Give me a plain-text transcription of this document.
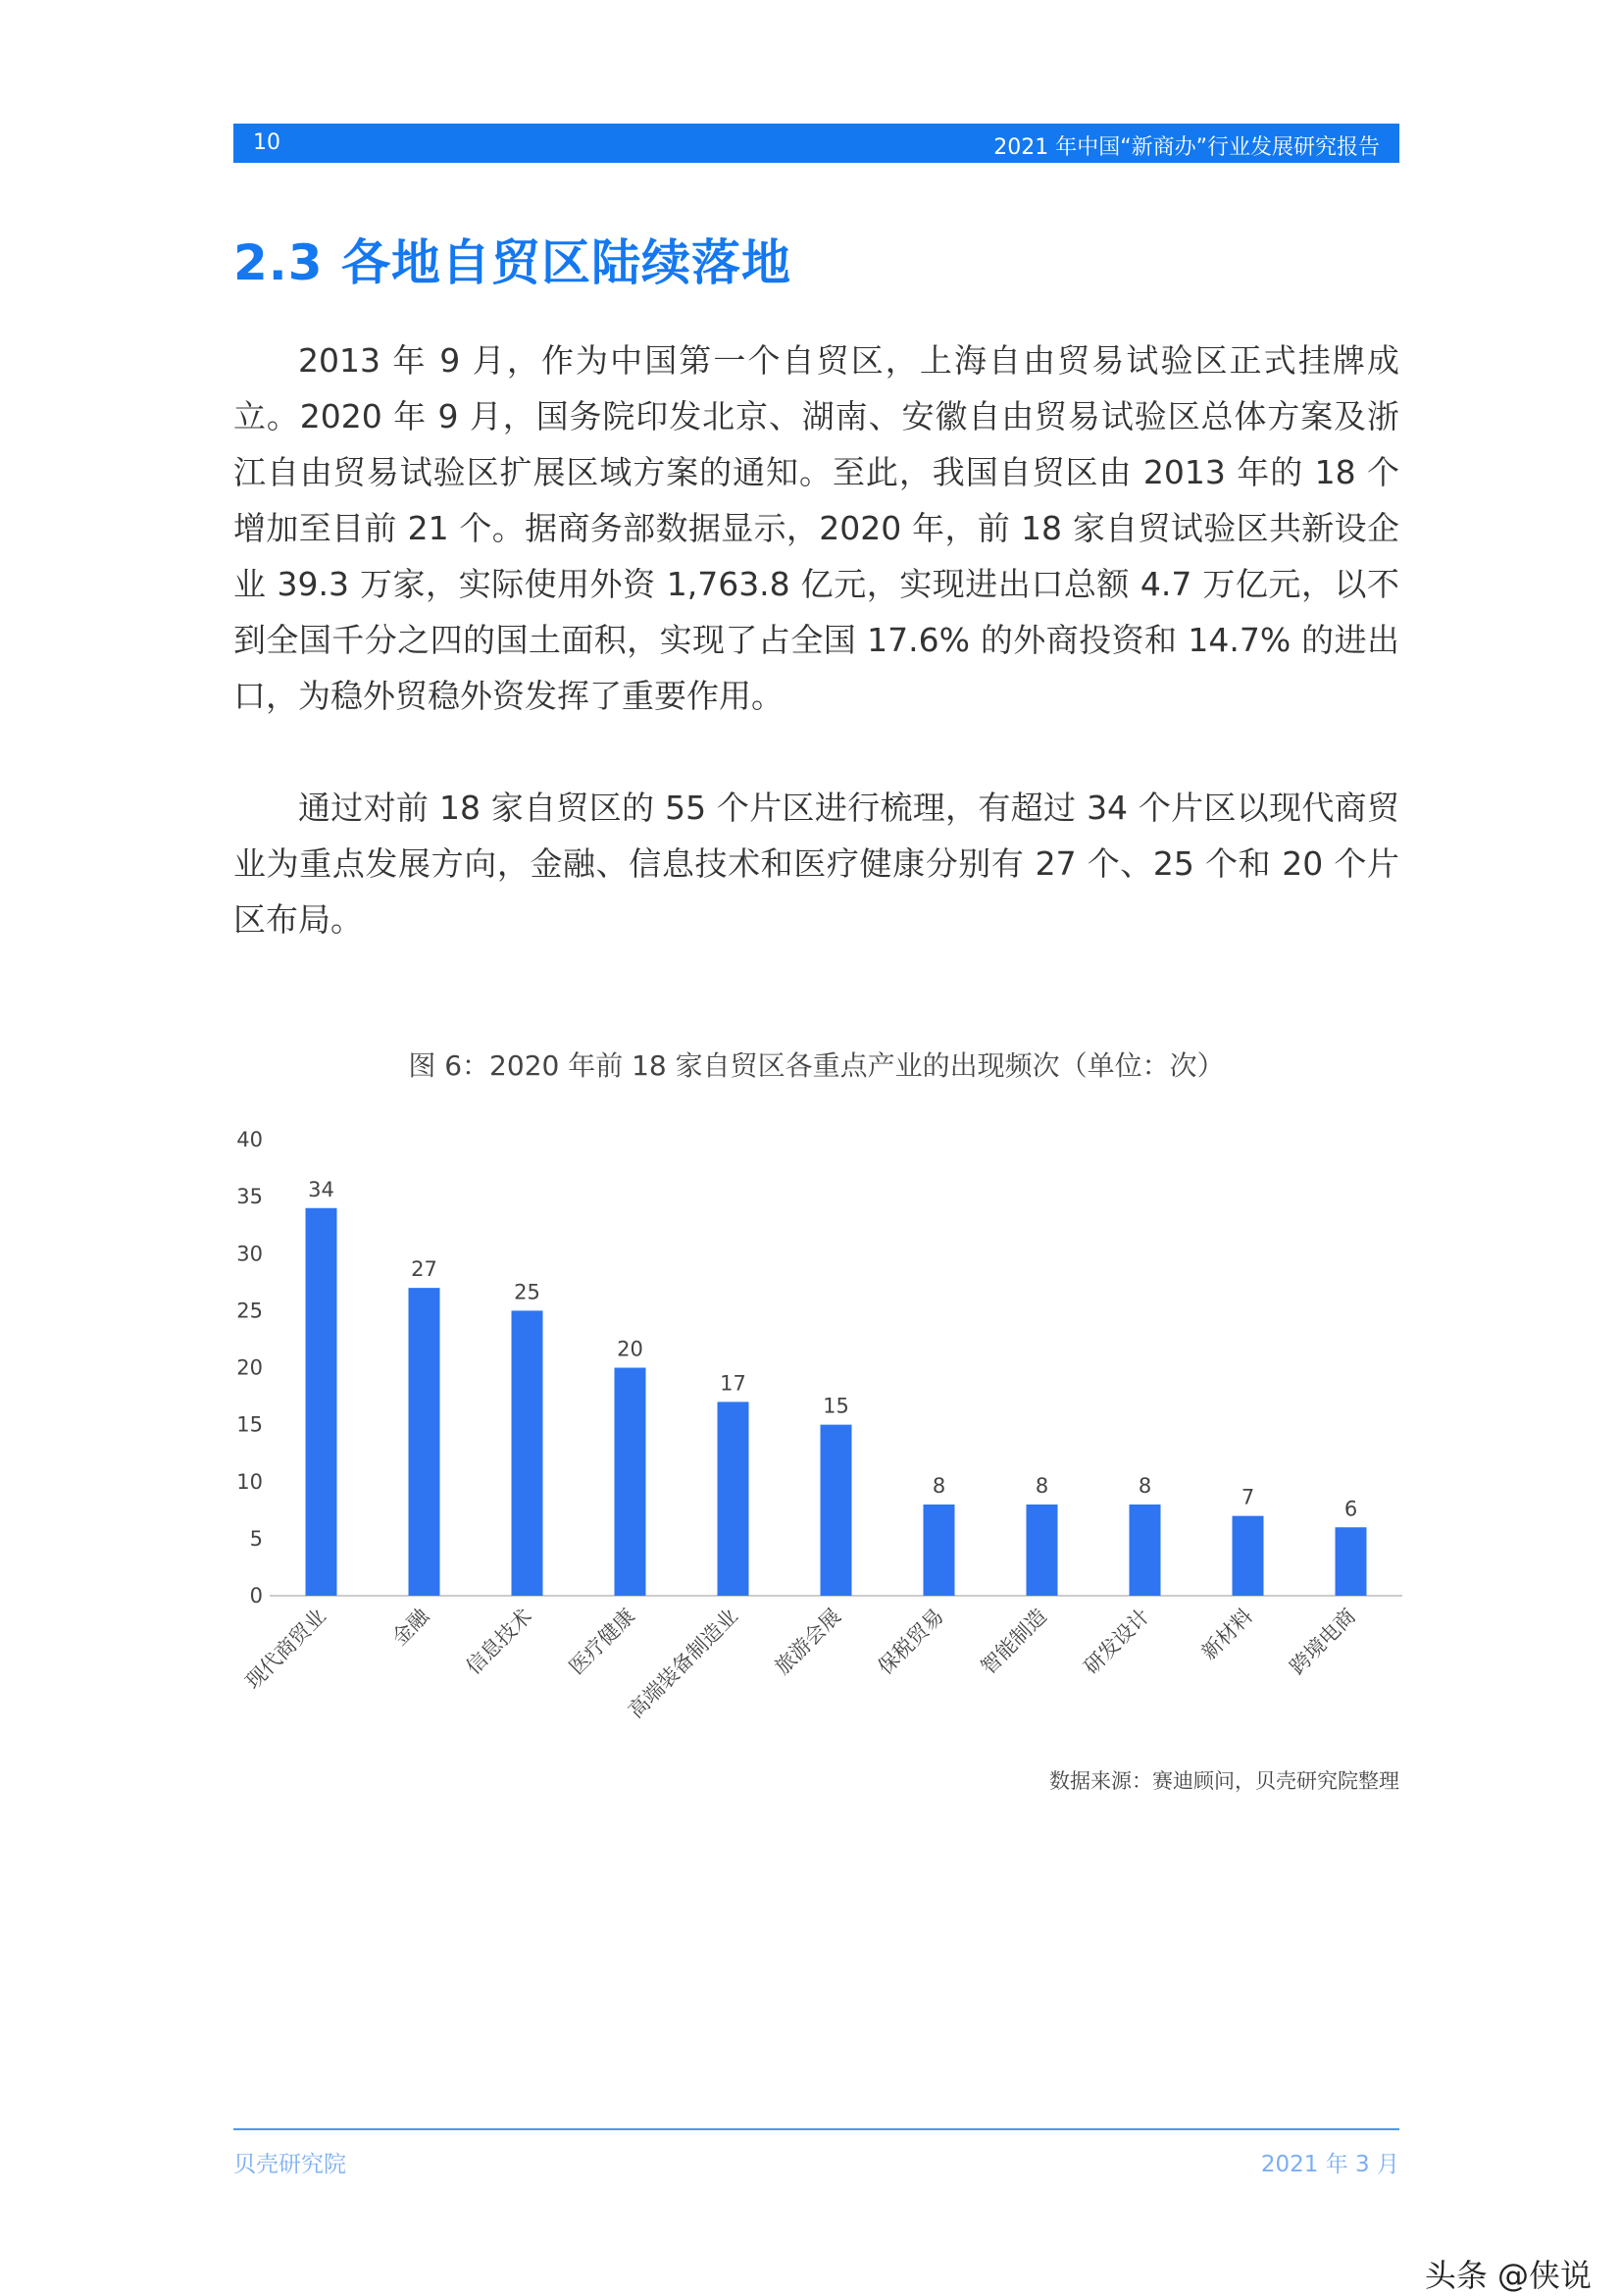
10	2021 年中国“新商办”行业发展研究报告
2.3 各地自贸区陆续落地

2013 年 9 月，作为中国第一个自贸区，上海自由贸易试验区正式挂牌成立。2020 年 9 月，国务院印发北京、湖南、安徽自由贸易试验区总体方案及浙江自由贸易试验区扩展区域方案的通知。至此，我国自贸区由 2013 年的 18 个增加至目前 21 个。据商务部数据显示，2020 年，前 18 家自贸试验区共新设企业 39.3 万家，实际使用外资 1,763.8 亿元，实现进出口总额 4.7 万亿元，以不到全国千分之四的国土面积，实现了占全国 17.6% 的外商投资和 14.7% 的进出口，为稳外贸稳外资发挥了重要作用。

通过对前 18 家自贸区的 55 个片区进行梳理，有超过 34 个片区以现代商贸业为重点发展方向，金融、信息技术和医疗健康分别有 27 个、25 个和 20 个片区布局。

图 6：2020 年前 18 家自贸区各重点产业的出现频次（单位：次）
0
5
10
15
20
25
30
35
40
34
现代商贸业
27
金融
25
信息技术
20
医疗健康
17
高端装备制造业
15
旅游会展
8
保税贸易
8
智能制造
8
研发设计
7
新材料
6
跨境电商
数据来源：赛迪顾问，贝壳研究院整理
贝壳研究院	2021 年 3 月
头条 @侠说
